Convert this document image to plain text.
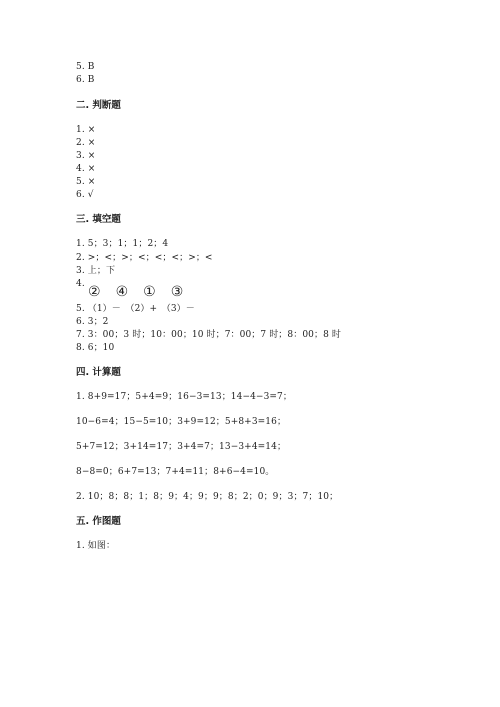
5. B
6. B
二. 判断题
1. ×
2. ×
3. ×
4. ×
5. ×
6. √
三. 填空题
1. 5；3；1；1；2；4
2. >；<；>；<；<；<；>；<
3. 上；下
4. ② ④ ① ③
5. （1）－　（2）+　（3）－
6. 3；2
7. 3：00；3 时；10：00；10 时；7：00；7 时；8：00；8 时
8. 6；10
四. 计算题
1. 8+9=17；5+4=9；16−3=13；14−4−3=7；
10−6=4；15−5=10；3+9=12；5+8+3=16；
5+7=12；3+14=17；3+4=7；13−3+4=14；
8−8=0；6+7=13；7+4=11；8+6−4=10。
2. 10；8；8；1；8；9；4；9；9；8；2；0；9；3；7；10；
五. 作图题
1. 如图：
